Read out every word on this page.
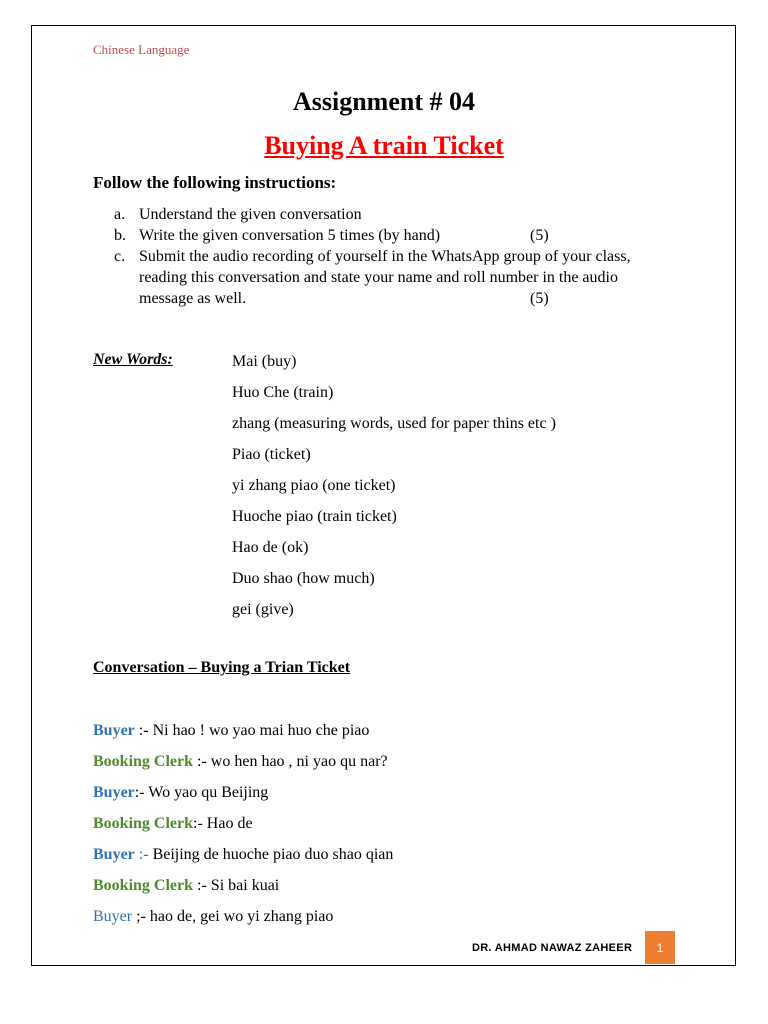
Chinese Language
Assignment # 04
Buying A train Ticket
Follow the following instructions:
a. Understand the given conversation
b. Write the given conversation 5 times (by hand)	(5)
c. Submit the audio recording of yourself in the WhatsApp group of your class, reading this conversation and state your name and roll number in the audio message as well.	(5)
New Words:	Mai (buy)
Huo Che (train)
zhang (measuring words, used for paper thins etc )
Piao (ticket)
yi zhang piao (one ticket)
Huoche piao (train ticket)
Hao de (ok)
Duo shao (how much)
gei (give)
Conversation – Buying a Trian Ticket
Buyer :- Ni hao ! wo yao mai huo che piao
Booking Clerk :- wo hen hao , ni yao qu nar?
Buyer:- Wo yao qu Beijing
Booking Clerk:- Hao de
Buyer :- Beijing de huoche piao duo shao qian
Booking Clerk :- Si bai kuai
Buyer ;- hao de, gei wo yi zhang piao
DR. AHMAD NAWAZ ZAHEER	1
